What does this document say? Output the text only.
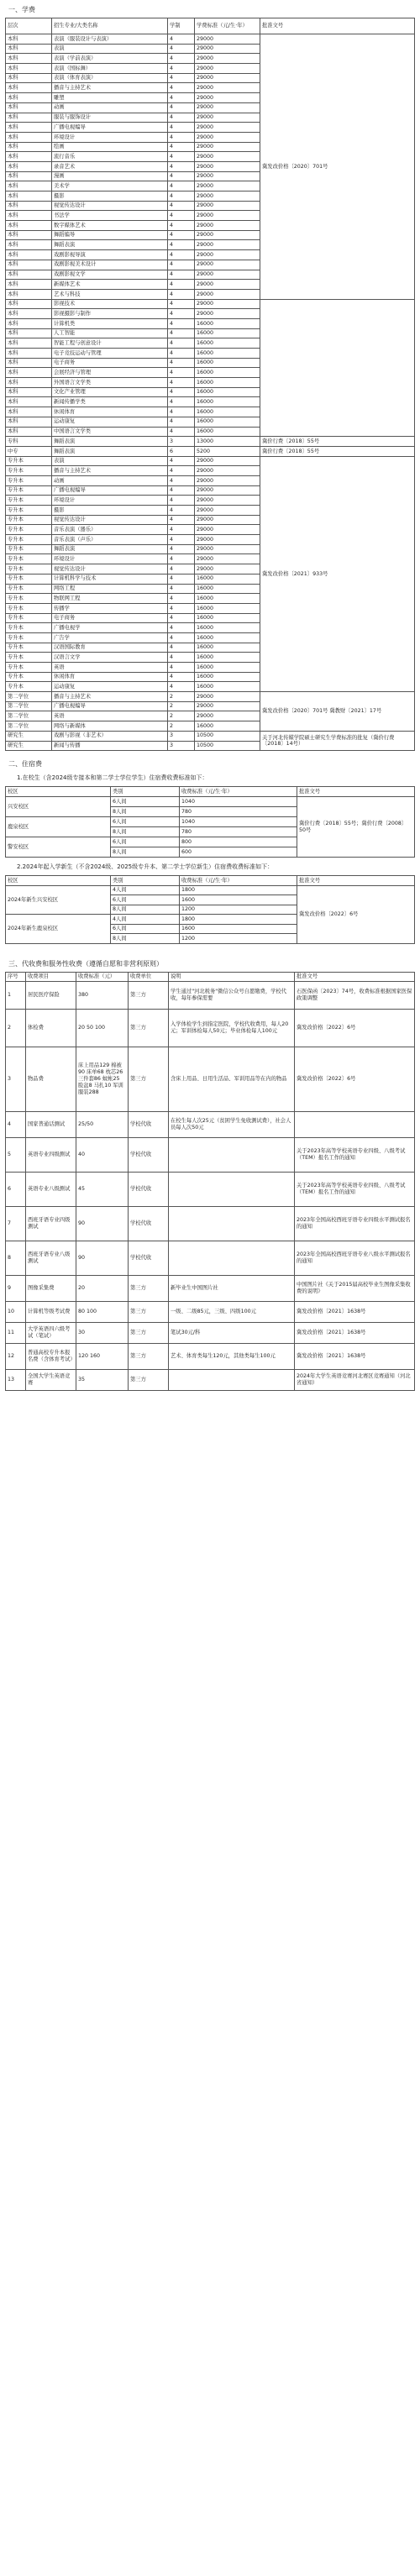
一、学费
层次	招生专业/大类名称	学制	学费标准（元/生·年）	批准文号
本科	表演（服装设计与表演）	4	29000	冀发改价格〔2020〕701号
本科	表演	4	29000	
本科	表演（学前表演）	4	29000	
本科	表演（国标舞）	4	29000	
本科	表演（体育表演）	4	29000	
本科	播音与主持艺术	4	29000	
本科	雕塑	4	29000	
本科	动画	4	29000	
本科	服装与服饰设计	4	29000	
本科	广播电视编导	4	29000	
本科	环境设计	4	29000	
本科	绘画	4	29000	
本科	流行音乐	4	29000	
本科	录音艺术	4	29000	
本科	漫画	4	29000	
本科	美术学	4	29000	
本科	摄影	4	29000	
本科	视觉传达设计	4	29000	
本科	书法学	4	29000	
本科	数字媒体艺术	4	29000	
本科	舞蹈编导	4	29000	
本科	舞蹈表演	4	29000	
本科	戏剧影视导演	4	29000	
本科	戏剧影视美术设计	4	29000	
本科	戏剧影视文学	4	29000	
本科	新媒体艺术	4	29000	
本科	艺术与科技	4	29000	
本科	影视技术	4	29000	
本科	影视摄影与制作	4	29000	
本科	计算机类	4	16000	
本科	人工智能	4	16000	
本科	智能工程与创意设计	4	16000	
本科	电子竞技运动与管理	4	16000	
本科	电子商务	4	16000	
本科	会展经济与管理	4	16000	
本科	外国语言文学类	4	16000	
本科	文化产业管理	4	16000	
本科	新闻传播学类	4	16000	
本科	休闲体育	4	16000	
本科	运动康复	4	16000	
本科	中国语言文学类	4	16000	
专科	舞蹈表演	3	13000	冀价行费〔2018〕55号
中专	舞蹈表演	6	5200	冀价行费〔2018〕55号
专升本	表演	4	29000	冀发改价格〔2021〕933号
专升本	播音与主持艺术	4	29000	
专升本	动画	4	29000	
专升本	广播电视编导	4	29000	
专升本	环境设计	4	29000	
专升本	摄影	4	29000	
专升本	视觉传达设计	4	29000	
专升本	音乐表演（器乐）	4	29000	
专升本	音乐表演（声乐）	4	29000	
专升本	舞蹈表演	4	29000	
专升本	环境设计	4	29000	
专升本	视觉传达设计	4	29000	
专升本	计算机科学与技术	4	16000	
专升本	网络工程	4	16000	
专升本	物联网工程	4	16000	
专升本	传播学	4	16000	
专升本	电子商务	4	16000	
专升本	广播电视学	4	16000	
专升本	广告学	4	16000	
专升本	汉语国际教育	4	16000	
专升本	汉语言文学	4	16000	
专升本	英语	4	16000	
专升本	休闲体育	4	16000	
专升本	运动康复	4	16000	
第二学位	播音与主持艺术	2	29000	冀发改价格〔2020〕701号 冀教财〔2021〕17号
第二学位	广播电视编导	2	29000	
第二学位	英语	2	29000	
第二学位	网络与新媒体	2	16000	
研究生	戏剧与影视（非艺术）	3	10500	关于河北传媒学院硕士研究生学费标准的批复（冀价行费〔2018〕14号）
研究生	新闻与传播	3	10500	
二、住宿费
1.在校生（含2024级专接本和第二学士学位学生）住宿费收费标准如下：
校区	类别	收费标准（元/生·年）	批准文号
兴安校区	6人间	1040	冀价行费〔2018〕55号；冀价行费〔2008〕50号
	8人间	780	
鹿泉校区	6人间	1040	
	8人间	780	
警安校区	6人间	800	
	8人间	600	
2.2024年起入学新生（不含2024级、2025级专升本、第二学士学位新生）住宿费收费标准如下：
校区	类别	收费标准（元/生·年）	批准文号
2024年新生兴安校区	4人间	1800	冀发改价格〔2022〕6号
	6人间	1600	
	8人间	1200	
2024年新生鹿泉校区	4人间	1800	
	6人间	1600	
	8人间	1200	
三、代收费和服务性收费（遵循自愿和非营利原则）
序号	收费项目	收费标准（元）	收费单位	说明	批准文号
1	居民医疗保险	380	第三方	学生通过"河北税务"微信公众号自愿缴费，学校代收，每年参保需要	石医保函〔2023〕74号，收费标准根据国家医保政策调整
2	体检费	20 50 100	第三方	入学体检学生到指定医院，学校代收费用，每人20元；军训体检每人50元；毕业体检每人100元	冀发改价格〔2022〕6号
3	物品费	床上用品129 棉被90 床单68 枕芯26 三件套86 蚊帐25 脸盆8 马扎10 军训服装288	第三方	含床上用品、日用生活品、军训用品等在内的物品	冀发改价格〔2022〕6号
4	国家普通话测试	25/50	学校代收	在校生每人次25元（贫困学生免收测试费），社会人员每人次50元	
5	英语专业四级测试	40	学校代收		关于2023年高等学校英语专业四级、八级考试（TEM）报名工作的通知
6	英语专业八级测试	45	学校代收		关于2023年高等学校英语专业四级、八级考试（TEM）报名工作的通知
7	西班牙语专业四级测试	90	学校代收		2023年全国高校西班牙语专业四级水平测试报名的通知
8	西班牙语专业八级测试	90	学校代收		2023年全国高校西班牙语专业八级水平测试报名的通知
9	图像采集费	20	第三方	新毕业生中国图片社	中国图片社《关于2015届高校毕业生图像采集收费的说明》
10	计算机等级考试费	80 100	第三方	一级、二级85元，三级、四级100元	冀发改价格〔2021〕1638号
11	大学英语四六级考试（笔试）	30	第三方	笔试30元/科	冀发改价格〔2021〕1638号
12	普通高校专升本报名费（含体育考试）	120 160	第三方	艺术、体育类每生120元，其他类每生100元	冀发改价格〔2021〕1638号
13	全国大学生英语竞赛	35	第三方		2024年大学生英语竞赛河北赛区竞赛通知（河北省通知）
